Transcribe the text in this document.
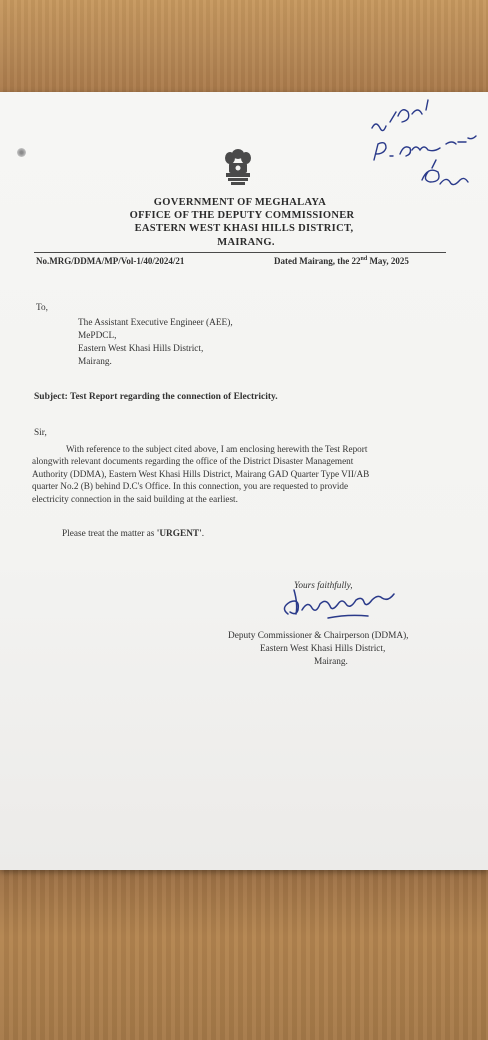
GOVERNMENT OF MEGHALAYA
OFFICE OF THE DEPUTY COMMISSIONER
EASTERN WEST KHASI HILLS DISTRICT,
MAIRANG.
No.MRG/DDMA/MP/Vol-1/40/2024/21	Dated Mairang, the 22nd May, 2025
To,
The Assistant Executive Engineer (AEE),
MePDCL,
Eastern West Khasi Hills District,
Mairang.
Subject: Test Report regarding the connection of Electricity.
Sir,
With reference to the subject cited above, I am enclosing herewith the Test Report
alongwith relevant documents regarding the office of the District Disaster Management
Authority (DDMA), Eastern West Khasi Hills District, Mairang GAD Quarter Type VII/AB
quarter No.2 (B) behind D.C's Office. In this connection, you are requested to provide
electricity connection in the said building at the earliest.
Please treat the matter as 'URGENT'.
Yours faithfully,
Deputy Commissioner & Chairperson (DDMA),
Eastern West Khasi Hills District,
Mairang.
